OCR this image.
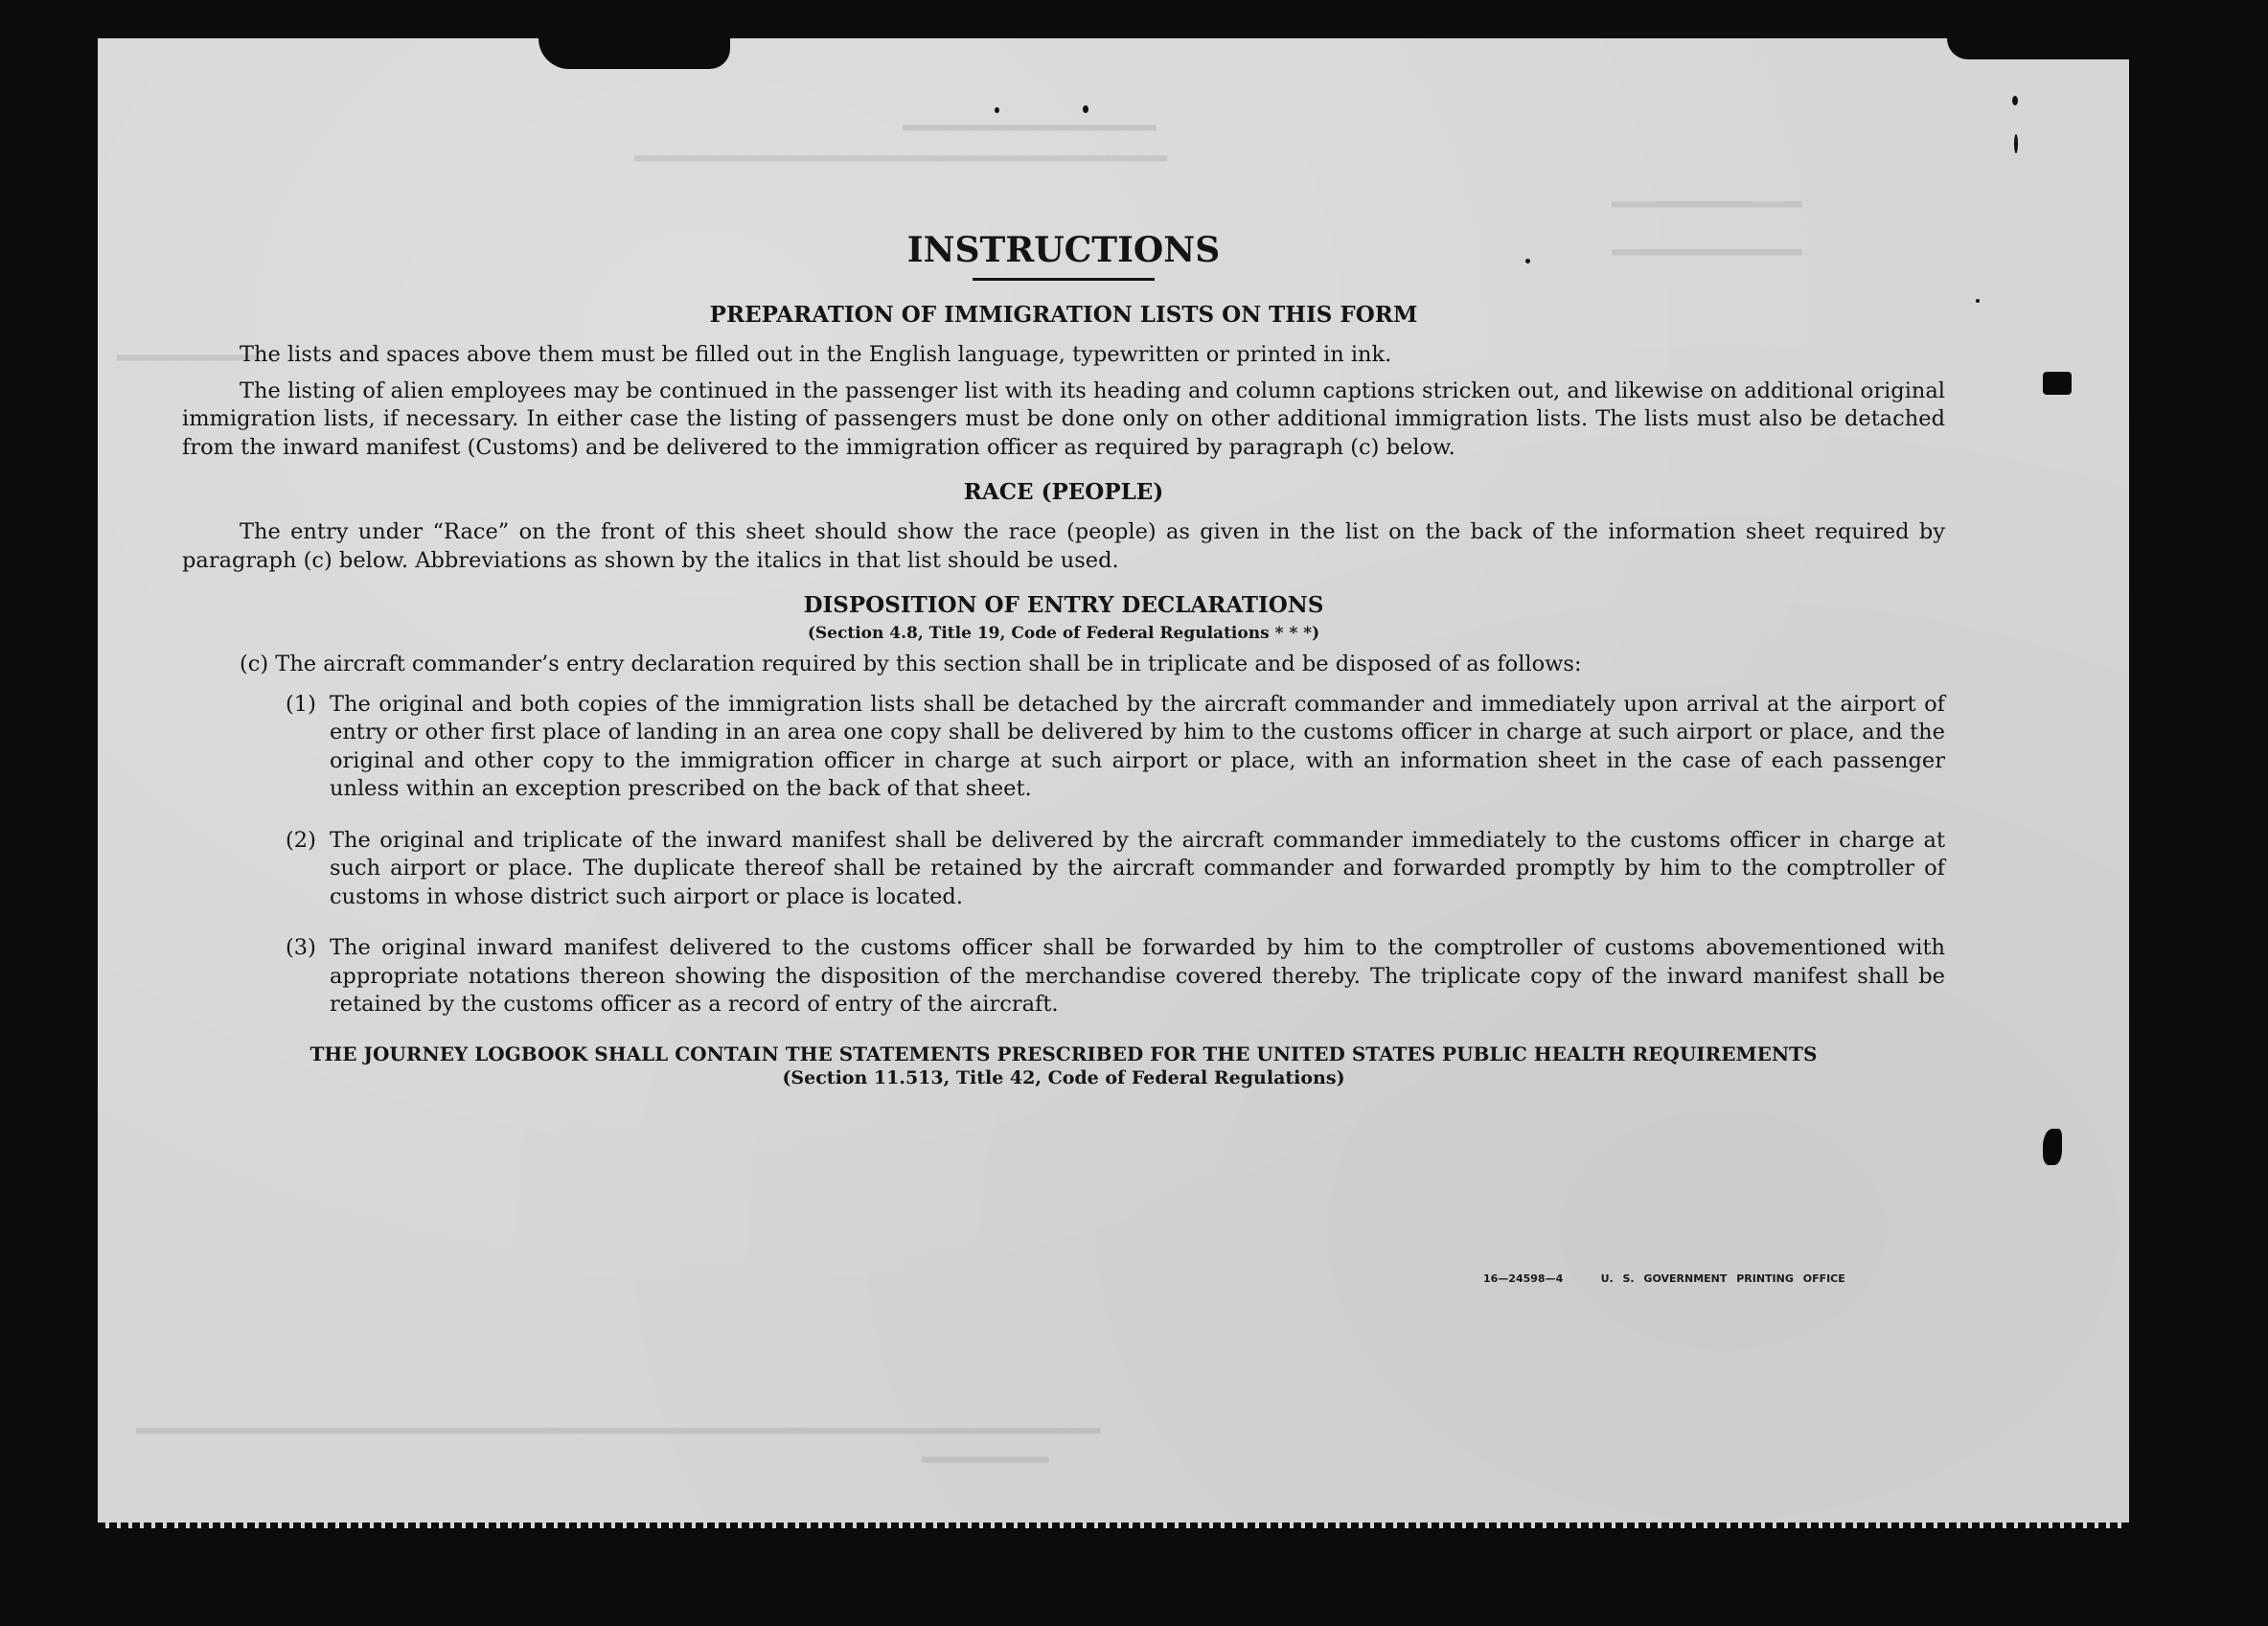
▬▬▬▬▬▬▬▬▬▬▬▬▬▬▬▬▬▬▬▬
▬▬▬▬▬▬▬▬▬▬▬▬▬▬▬▬▬▬▬▬▬▬▬▬▬▬▬▬▬▬▬▬▬▬▬▬▬▬▬▬▬▬
▬▬▬▬▬▬▬▬▬▬▬▬▬▬▬
▬▬▬▬▬▬▬▬▬▬▬▬▬▬▬
▬▬▬▬▬▬▬▬▬▬▬
▬▬▬▬▬▬▬▬▬▬▬▬▬▬▬▬▬▬▬▬▬▬▬▬▬▬▬▬▬▬▬▬▬▬▬▬▬▬▬▬▬▬▬▬▬▬▬▬▬▬▬▬▬▬▬▬▬▬▬▬▬▬▬▬▬▬▬▬▬▬▬▬▬▬▬▬
▬▬▬▬▬▬▬▬▬▬
INSTRUCTIONS
PREPARATION OF IMMIGRATION LISTS ON THIS FORM

The lists and spaces above them must be filled out in the English language, typewritten or printed in ink.

The listing of alien employees may be continued in the passenger list with its heading and column captions stricken out, and likewise on additional original immigration lists, if necessary. In either case the listing of passengers must be done only on other additional immigration lists. The lists must also be detached from the inward manifest (Customs) and be delivered to the immigration officer as required by paragraph (c) below.

RACE (PEOPLE)

The entry under “Race” on the front of this sheet should show the race (people) as given in the list on the back of the information sheet required by paragraph (c) below. Abbreviations as shown by the italics in that list should be used.

DISPOSITION OF ENTRY DECLARATIONS
(Section 4.8, Title 19, Code of Federal Regulations * * *)

(c) The aircraft commander’s entry declaration required by this section shall be in triplicate and be disposed of as follows:

(1) The original and both copies of the immigration lists shall be detached by the aircraft commander and immediately upon arrival at the airport of entry or other first place of landing in an area one copy shall be delivered by him to the customs officer in charge at such airport or place, and the original and other copy to the immigration officer in charge at such airport or place, with an information sheet in the case of each passenger unless within an exception prescribed on the back of that sheet.
(2) The original and triplicate of the inward manifest shall be delivered by the aircraft commander immediately to the customs officer in charge at such airport or place. The duplicate thereof shall be retained by the aircraft commander and forwarded promptly by him to the comptroller of customs in whose district such airport or place is located.
(3) The original inward manifest delivered to the customs officer shall be forwarded by him to the comptroller of customs abovementioned with appropriate notations thereon showing the disposition of the merchandise covered thereby. The triplicate copy of the inward manifest shall be retained by the customs officer as a record of entry of the aircraft.
THE JOURNEY LOGBOOK SHALL CONTAIN THE STATEMENTS PRESCRIBED FOR THE UNITED STATES PUBLIC HEALTH REQUIREMENTS
(Section 11.513, Title 42, Code of Federal Regulations)
16—24598—4	U. S. GOVERNMENT PRINTING OFFICE
